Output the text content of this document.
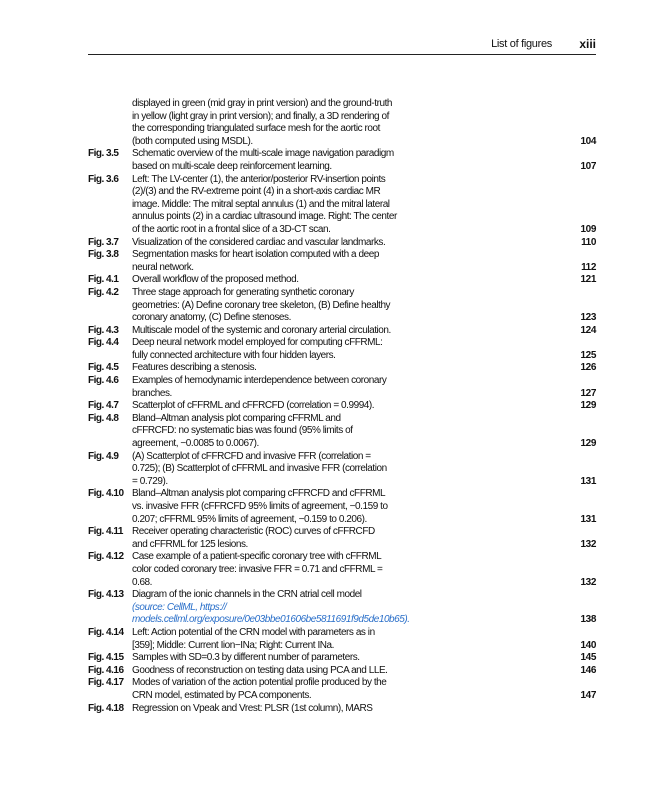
List of figures xiii
displayed in green (mid gray in print version) and the ground-truth
in yellow (light gray in print version); and finally, a 3D rendering of
the corresponding triangulated surface mesh for the aortic root
(both computed using MSDL).	104
Fig. 3.5	Schematic overview of the multi-scale image navigation paradigm
based on multi-scale deep reinforcement learning.	107
Fig. 3.6	Left: The LV-center (1), the anterior/posterior RV-insertion points
(2)/(3) and the RV-extreme point (4) in a short-axis cardiac MR
image. Middle: The mitral septal annulus (1) and the mitral lateral
annulus points (2) in a cardiac ultrasound image. Right: The center
of the aortic root in a frontal slice of a 3D-CT scan.	109
Fig. 3.7	Visualization of the considered cardiac and vascular landmarks.	110
Fig. 3.8	Segmentation masks for heart isolation computed with a deep
neural network.	112
Fig. 4.1	Overall workflow of the proposed method.	121
Fig. 4.2	Three stage approach for generating synthetic coronary
geometries: (A) Define coronary tree skeleton, (B) Define healthy
coronary anatomy, (C) Define stenoses.	123
Fig. 4.3	Multiscale model of the systemic and coronary arterial circulation.	124
Fig. 4.4	Deep neural network model employed for computing cFFRML:
fully connected architecture with four hidden layers.	125
Fig. 4.5	Features describing a stenosis.	126
Fig. 4.6	Examples of hemodynamic interdependence between coronary
branches.	127
Fig. 4.7	Scatterplot of cFFRML and cFFRCFD (correlation = 0.9994).	129
Fig. 4.8	Bland–Altman analysis plot comparing cFFRML and
cFFRCFD: no systematic bias was found (95% limits of
agreement, −0.0085 to 0.0067).	129
Fig. 4.9	(A) Scatterplot of cFFRCFD and invasive FFR (correlation =
0.725); (B) Scatterplot of cFFRML and invasive FFR (correlation
= 0.729).	131
Fig. 4.10 Bland–Altman analysis plot comparing cFFRCFD and cFFRML
vs. invasive FFR (cFFRCFD 95% limits of agreement, −0.159 to
0.207; cFFRML 95% limits of agreement, −0.159 to 0.206).	131
Fig. 4.11 Receiver operating characteristic (ROC) curves of cFFRCFD
and cFFRML for 125 lesions.	132
Fig. 4.12 Case example of a patient-specific coronary tree with cFFRML
color coded coronary tree: invasive FFR = 0.71 and cFFRML =
0.68.	132
Fig. 4.13 Diagram of the ionic channels in the CRN atrial cell model
(source: CellML, https://
models.cellml.org/exposure/0e03bbe01606be5811691f9d5de10b65).	138
Fig. 4.14 Left: Action potential of the CRN model with parameters as in
[359]; Middle: Current Iion−INa; Right: Current INa.	140
Fig. 4.15 Samples with SD=0.3 by different number of parameters.	145
Fig. 4.16 Goodness of reconstruction on testing data using PCA and LLE.	146
Fig. 4.17 Modes of variation of the action potential profile produced by the
CRN model, estimated by PCA components.	147
Fig. 4.18 Regression on Vpeak and Vrest: PLSR (1st column), MARS
